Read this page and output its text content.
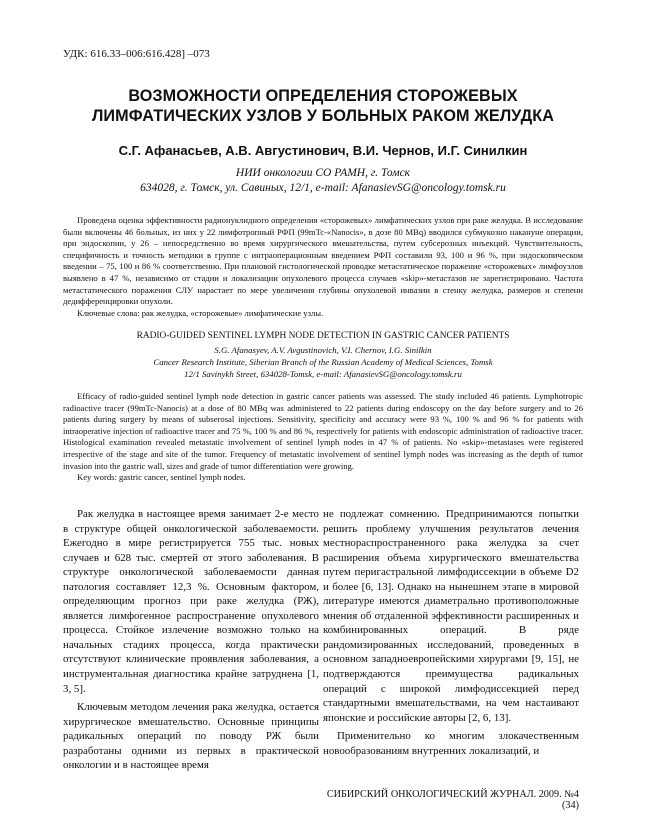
УДК: 616.33–006:616.428] –073
ВОЗМОЖНОСТИ ОПРЕДЕЛЕНИЯ СТОРОЖЕВЫХ
ЛИМФАТИЧЕСКИХ УЗЛОВ У БОЛЬНЫХ РАКОМ ЖЕЛУДКА
С.Г. Афанасьев, А.В. Августинович, В.И. Чернов, И.Г. Синилкин
НИИ онкологии СО РАМН, г. Томск
634028, г. Томск, ул. Савиных, 12/1, e-mail: AfanasievSG@oncology.tomsk.ru

Проведена оценка эффективности радионуклидного определения «сторожевых» лимфатических узлов при раке желудка. В исследование были включены 46 больных, из них у 22 лимфотропный РФП (99mTc-«Nanocis», в дозе 80 MBq) вводился субмукозно накануне операции, при эндоскопии, у 26 – непосредственно во время хирургического вмешательства, путем субсерозных инъекций. Чувствительность, специфичность и точность методики в группе с интраоперационным введением РФП составили 93, 100 и 96 %, при эндоскопическом введении – 75, 100 и 86 % соответственно. При плановой гистологической проводке метастатическое поражение «сторожевых» лимфоузлов выявлено в 47 %, независимо от стадии и локализации опухолевого процесса случаев «skip»-метастазов не зарегистрировано. Частота метастатического поражения СЛУ нарастает по мере увеличения глубины опухолевой инвазии в стенку желудка, размеров и степени дедифференцировки опухоли.

Ключевые слова: рак желудка, «сторожевые» лимфатические узлы.

RADIO-GUIDED SENTINEL LYMPH NODE DETECTION IN GASTRIC CANCER PATIENTS
S.G. Afanasyev, A.V. Avgustinovich, V.I. Chernov, I.G. Sinilkin
Cancer Research Institute, Siberian Branch of the Russian Academy of Medical Sciences, Tomsk
12/1 Savinykh Street, 634028-Tomsk, e-mail: AfanasievSG@oncology.tomsk.ru

Efficacy of radio-guided sentinel lymph node detection in gastric cancer patients was assessed. The study included 46 patients. Lymphotropic radioactive tracer (99mTc-Nanocis) at a dose of 80 MBq was administered to 22 patients during endoscopy on the day before surgery and to 26 patients during surgery by means of subserosal injections. Sensitivity, specificity and accuracy were 93 %, 100 % and 96 % for patients with intraoperative injection of radioactive tracer and 75 %, 100 % and 86 %, respectively for patients with endoscopic administration of radioactive tracer. Histological examination revealed metastatic involvement of sentinel lymph nodes in 47 % of patients. No «skip»-metastases were registered irrespective of the stage and site of the tumor. Frequency of metastatic involvement of sentinel lymph nodes was increasing as the depth of tumor invasion into the gastric wall, sizes and grade of tumor differentiation were growing.

Key words: gastric cancer, sentinel lymph nodes.

Рак желудка в настоящее время занимает 2-е место в структуре общей онкологической заболеваемости. Ежегодно в мире регистрируется 755 тыс. новых случаев и 628 тыс. смертей от этого заболевания. В структуре онкологической заболеваемости данная патология составляет 12,3 %. Основным фактором, определяющим прогноз при раке желудка (РЖ), является лимфогенное распространение опухолевого процесса. Стойкое излечение возможно только на начальных стадиях процесса, когда практически отсутствуют клинические проявления заболевания, а инструментальная диагностика крайне затруднена [1, 3, 5].

Ключевым методом лечения рака желудка, остается хирургическое вмешательство. Основные принципы радикальных операций по поводу РЖ были разработаны одними из первых в практической онкологии и в настоящее время

не подлежат сомнению. Предпринимаются попытки решить проблему улучшения результатов лечения местнораспространенного рака желудка за счет расширения объема хирургического вмешательства путем перигастральной лимфодиссекции в объеме D2 и более [6, 13]. Однако на нынешнем этапе в мировой литературе имеются диаметрально противоположные мнения об отдаленной эффективности расширенных и комбинированных операций. В ряде рандомизированных исследований, проведенных в основном западноевропейскими хирургами [9, 15], не подтверждаются преимущества радикальных операций с широкой лимфодиссекцией перед стандартными вмешательствами, на чем настаивают японские и российские авторы [2, 6, 13].

Применительно ко многим злокачественным новообразованиям внутренних локализаций, и

СИБИРСКИЙ ОНКОЛОГИЧЕСКИЙ ЖУРНАЛ. 2009. №4 (34)
